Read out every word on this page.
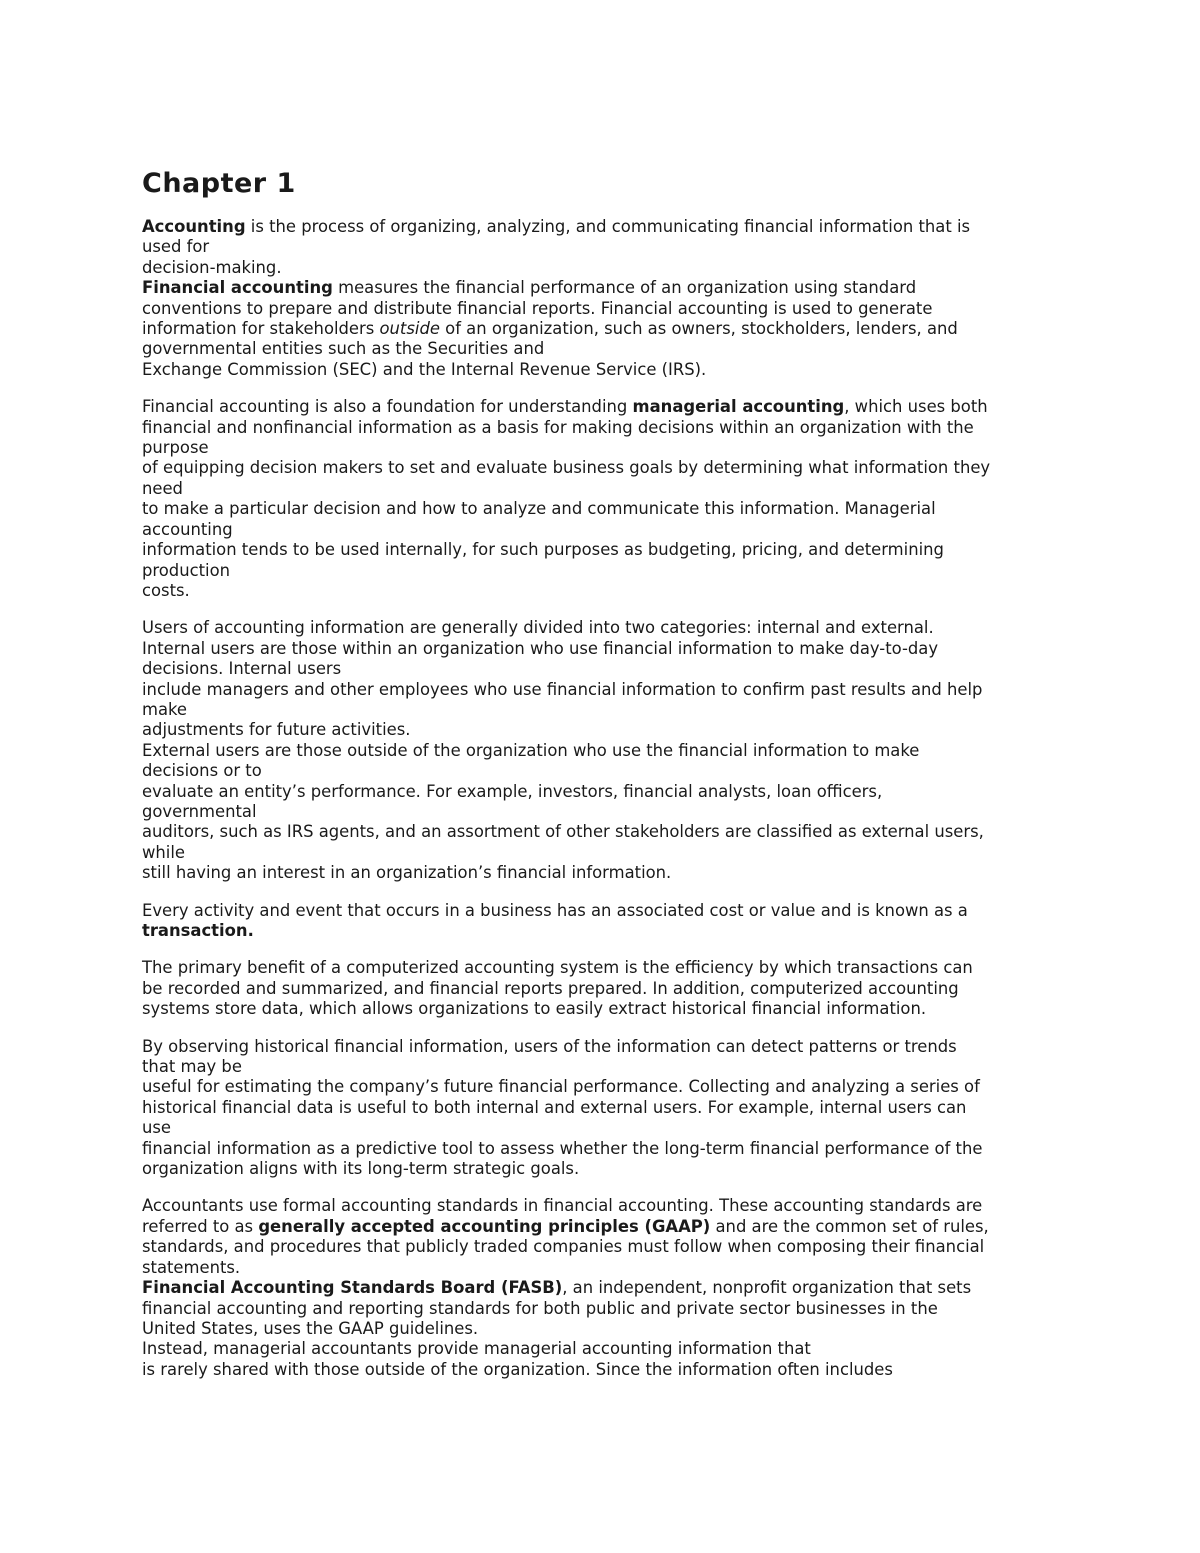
Chapter 1
Accounting is the process of organizing, analyzing, and communicating financial information that is
used for
decision-making.
Financial accounting measures the financial performance of an organization using standard
conventions to prepare and distribute financial reports. Financial accounting is used to generate
information for stakeholders outside of an organization, such as owners, stockholders, lenders, and
governmental entities such as the Securities and
Exchange Commission (SEC) and the Internal Revenue Service (IRS).
Financial accounting is also a foundation for understanding managerial accounting, which uses both
financial and nonfinancial information as a basis for making decisions within an organization with the
purpose
of equipping decision makers to set and evaluate business goals by determining what information they
need
to make a particular decision and how to analyze and communicate this information. Managerial
accounting
information tends to be used internally, for such purposes as budgeting, pricing, and determining
production
costs.
Users of accounting information are generally divided into two categories: internal and external.
Internal users are those within an organization who use financial information to make day-to-day
decisions. Internal users
include managers and other employees who use financial information to confirm past results and help
make
adjustments for future activities.
External users are those outside of the organization who use the financial information to make
decisions or to
evaluate an entity’s performance. For example, investors, financial analysts, loan officers,
governmental
auditors, such as IRS agents, and an assortment of other stakeholders are classified as external users,
while
still having an interest in an organization’s financial information.
Every activity and event that occurs in a business has an associated cost or value and is known as a
transaction.
The primary benefit of a computerized accounting system is the efficiency by which transactions can
be recorded and summarized, and financial reports prepared. In addition, computerized accounting
systems store data, which allows organizations to easily extract historical financial information.
By observing historical financial information, users of the information can detect patterns or trends
that may be
useful for estimating the company’s future financial performance. Collecting and analyzing a series of
historical financial data is useful to both internal and external users. For example, internal users can
use
financial information as a predictive tool to assess whether the long-term financial performance of the
organization aligns with its long-term strategic goals.
Accountants use formal accounting standards in financial accounting. These accounting standards are
referred to as generally accepted accounting principles (GAAP) and are the common set of rules,
standards, and procedures that publicly traded companies must follow when composing their financial
statements.
Financial Accounting Standards Board (FASB), an independent, nonprofit organization that sets
financial accounting and reporting standards for both public and private sector businesses in the
United States, uses the GAAP guidelines.
Instead, managerial accountants provide managerial accounting information that
is rarely shared with those outside of the organization. Since the information often includes
